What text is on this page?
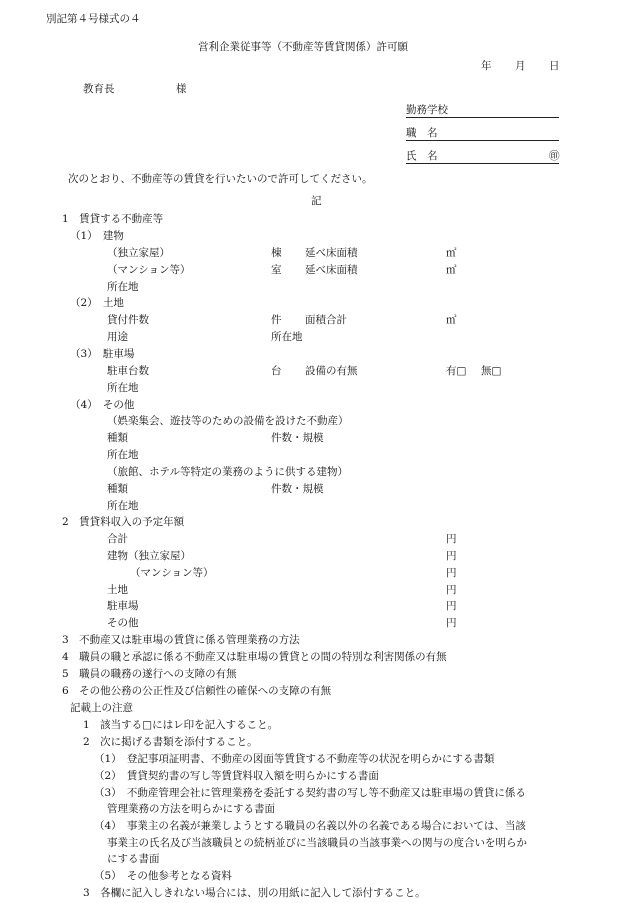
別記第４号様式の４
営利企業従事等（不動産等賃貸関係）許可願
年 月 日
教育長	様
勤務学校
職　名
氏　名	㊞
次のとおり、不動産等の賃貸を行いたいので許可してください。
記
1　賃貸する不動産等
（1）　建物
（独立家屋）	棟 延べ床面積	㎡
（マンション等）	室 延べ床面積	㎡
所在地
（2）　土地
貸付件数	件 面積合計	㎡
用途	所在地
（3）　駐車場
駐車台数	台 設備の有無	有□ 無□
所在地
（4）　その他
（娯楽集会、遊技等のための設備を設けた不動産）
種類	件数・規模
所在地
（旅館、ホテル等特定の業務のように供する建物）
種類	件数・規模
所在地
2　賃貸料収入の予定年額
合計	円
建物（独立家屋）	円
（マンション等）	円
土地	円
駐車場	円
その他	円
3　不動産又は駐車場の賃貸に係る管理業務の方法
4　職員の職と承認に係る不動産又は駐車場の賃貸との間の特別な利害関係の有無
5　職員の職務の遂行への支障の有無
6　その他公務の公正性及び信頼性の確保への支障の有無
記載上の注意
1　該当する□にはレ印を記入すること。
2　次に掲げる書類を添付すること。
（1）　登記事項証明書、不動産の図面等賃貸する不動産等の状況を明らかにする書類
（2）　賃貸契約書の写し等賃貸料収入額を明らかにする書面
（3）　不動産管理会社に管理業務を委託する契約書の写し等不動産又は駐車場の賃貸に係る
管理業務の方法を明らかにする書面
（4）　事業主の名義が兼業しようとする職員の名義以外の名義である場合においては、当該
事業主の氏名及び当該職員との続柄並びに当該職員の当該事業への関与の度合いを明らか
にする書面
（5）　その他参考となる資料
3　各欄に記入しきれない場合には、別の用紙に記入して添付すること。
